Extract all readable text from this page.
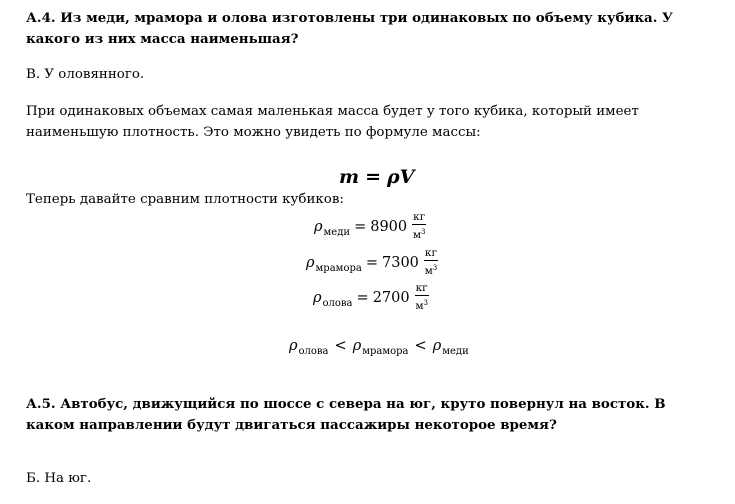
А.4. Из меди, мрамора и олова изготовлены три одинаковых по объему кубика. У какого из них масса наименьшая?
В. У оловянного.
При одинаковых объемах самая маленькая масса будет у того кубика, который имеет наименьшую плотность. Это можно увидеть по формуле массы:
m = ρV
Теперь давайте сравним плотности кубиков:
ρ меди = $8900 \frac{кг}{м^3}$
ρ мрамора = $7300 \frac{кг}{м^3}$
ρ олова = $2700 \frac{кг}{м^3}$
ρ олова < ρ мрамора < ρ меди
А.5. Автобус, движущийся по шоссе с севера на юг, круто повернул на восток. В каком направлении будут двигаться пассажиры некоторое время?
Б. На юг.
